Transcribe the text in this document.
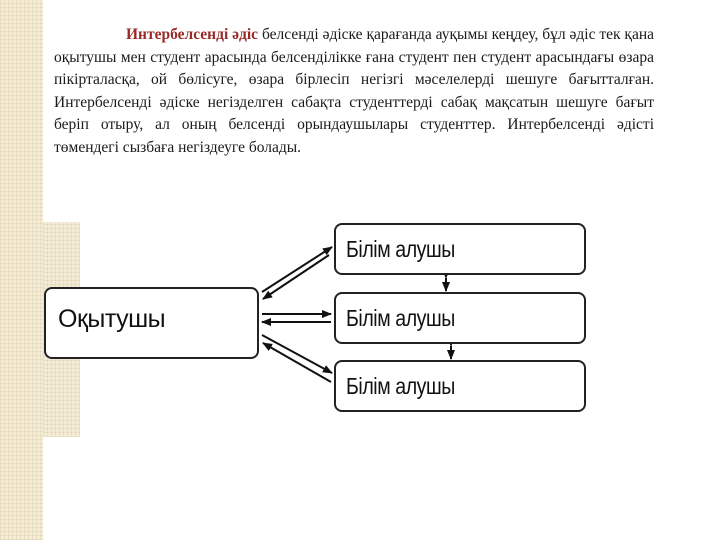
Интербелсенді әдіс белсенді әдіске қарағанда ауқымы кеңдеу, бұл әдіс тек қана оқытушы мен студент арасында белсенділікке ғана студент пен студент арасындағы өзара пікірталасқа, ой бөлісуге, өзара бірлесіп негізгі мәселелерді шешуге бағытталған. Интербелсенді әдіске негізделген сабақта студенттерді сабақ мақсатын шешуге бағыт беріп отыру, ал оның белсенді орындаушылары студенттер. Интербелсенді әдісті төмендегі сызбаға негіздеуге болады.
Оқытушы
Білім алушы
Білім алушы
Білім алушы
